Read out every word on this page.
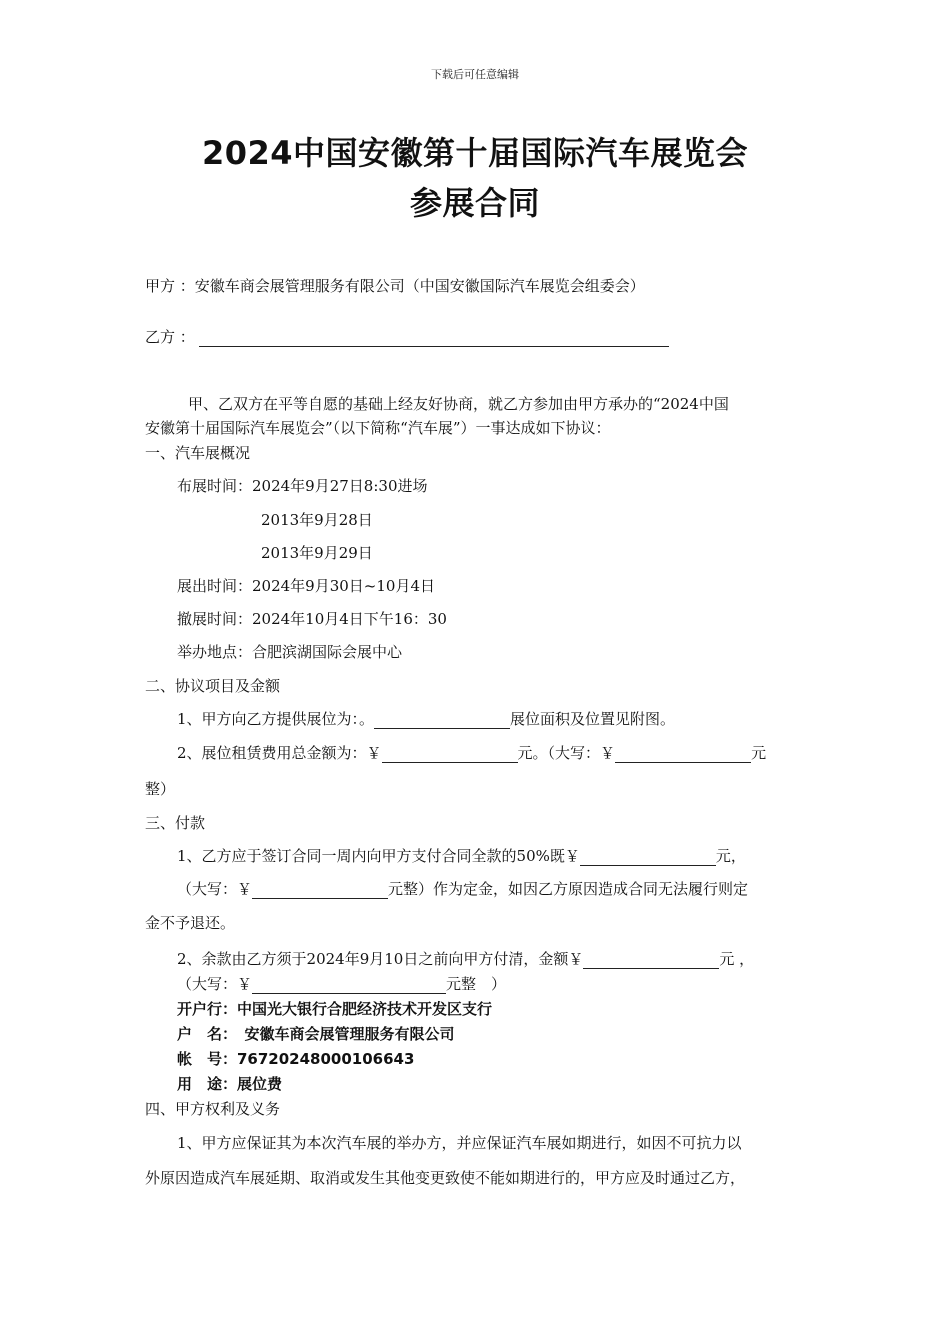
下载后可任意编辑
2024中国安徽第十届国际汽车展览会
参展合同
甲方 ：安徽车商会展管理服务有限公司（中国安徽国际汽车展览会组委会）
乙方 ：
甲、乙双方在平等自愿的基础上经友好协商，就乙方参加由甲方承办的“2024中国
安徽第十届国际汽车展览会”（以下简称“汽车展”）一事达成如下协议：
一、汽车展概况
布展时间：2024年9月27日8:30进场
2013年9月28日
2013年9月29日
展出时间：2024年9月30日~10月4日
撤展时间：2024年10月4日下午16：30
举办地点：合肥滨湖国际会展中心
二、协议项目及金额
1、甲方向乙方提供展位为：。	展位面积及位置见附图。
2、展位租赁费用总金额为：￥	元。（大写：￥	元
整）
三、付款
1、乙方应于签订合同一周内向甲方支付合同全款的50%既￥	元，
（大写：￥	元整）作为定金，如因乙方原因造成合同无法履行则定
金不予退还。
2、余款由乙方须于2024年9月10日之前向甲方付清，金额￥	元 ，
（大写：￥	元整　）
开户行：中国光大银行合肥经济技术开发区支行
户　名：　安徽车商会展管理服务有限公司
帐　号：76720248000106643
用　途：展位费
四、甲方权利及义务
1、甲方应保证其为本次汽车展的举办方，并应保证汽车展如期进行，如因不可抗力以
外原因造成汽车展延期、取消或发生其他变更致使不能如期进行的，甲方应及时通过乙方，
